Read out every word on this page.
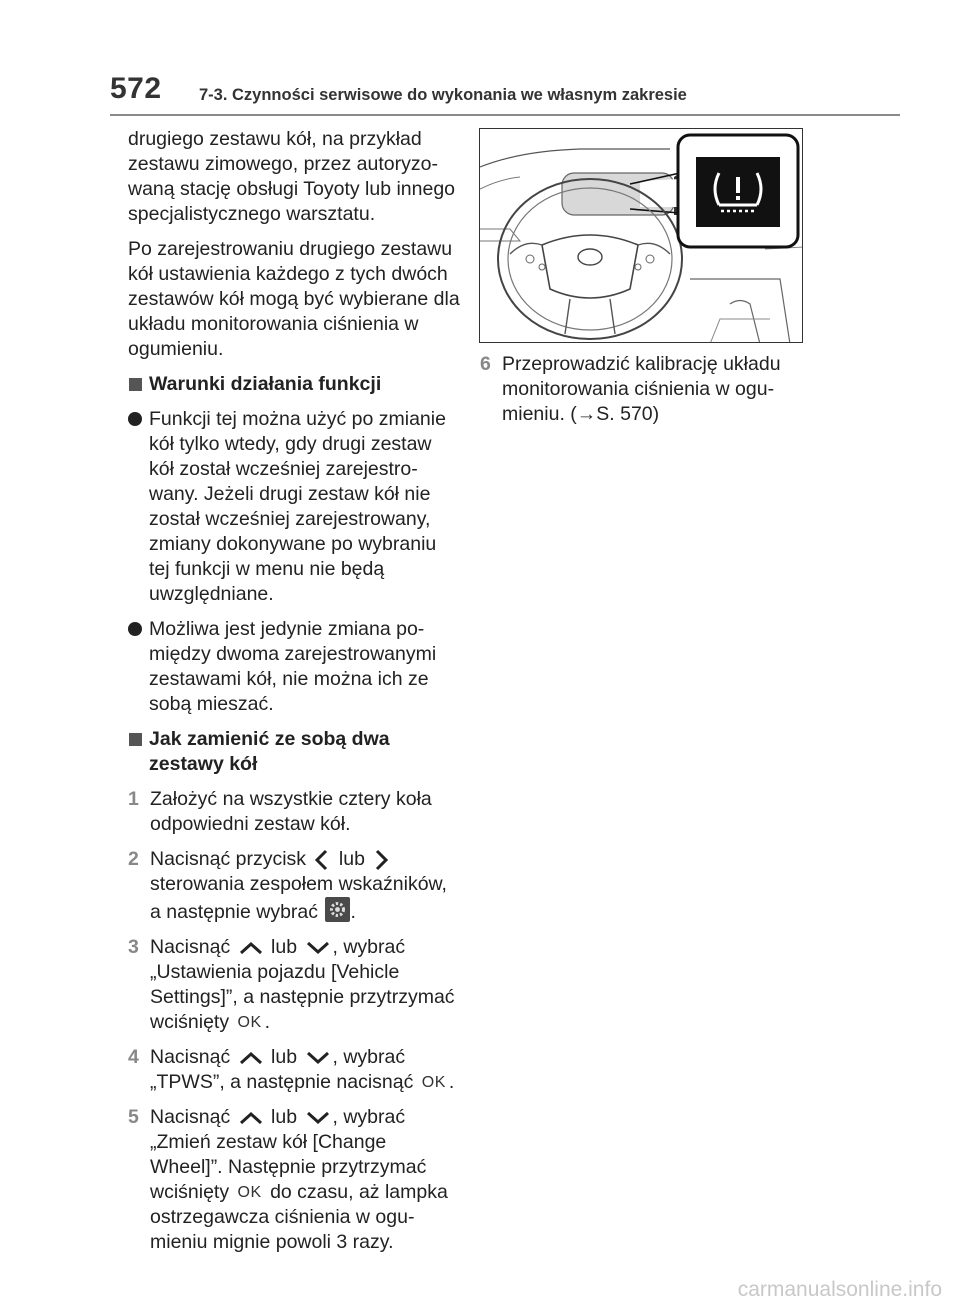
572 7-3. Czynności serwisowe do wykonania we własnym zakresie

drugiego zestawu kół, na przykład zestawu zimowego, przez autoryzowaną stację obsługi Toyoty lub innego specjalistycznego warsztatu.

Po zarejestrowaniu drugiego zestawu kół ustawienia każdego z tych dwóch zestawów kół mogą być wybierane dla układu monitorowania ciśnienia w ogumieniu.

Warunki działania funkcji
Funkcji tej można użyć po zmianie kół tylko wtedy, gdy drugi zestaw kół został wcześniej zarejestrowany. Jeżeli drugi zestaw kół nie został wcześniej zarejestrowany, zmiany dokonywane po wybraniu tej funkcji w menu nie będą uwzględniane.
Możliwa jest jedynie zmiana pomiędzy dwoma zarejestrowanymi zestawami kół, nie można ich ze sobą mieszać.
Jak zamienić ze sobą dwa zestawy kół
1 Założyć na wszystkie cztery koła odpowiedni zestaw kół.
2 Nacisnąć przycisk lub  sterowania zespołem wskaźników, a następnie wybrać .
3 Nacisnąć lub , wybrać „Ustawienia pojazdu [Vehicle Settings]”, a następnie przytrzymać wciśnięty OK .
4 Nacisnąć lub , wybrać „TPWS”, a następnie nacisnąć OK .
5 Nacisnąć lub , wybrać „Zmień zestaw kół [Change Wheel]”. Następnie przytrzymać wciśnięty OK do czasu, aż lampka ostrzegawcza ciśnienia w ogumieniu mignie powoli 3 razy.
6 Przeprowadzić kalibrację układu monitorowania ciśnienia w ogumieniu. (→S. 570)
carmanualsonline.info
